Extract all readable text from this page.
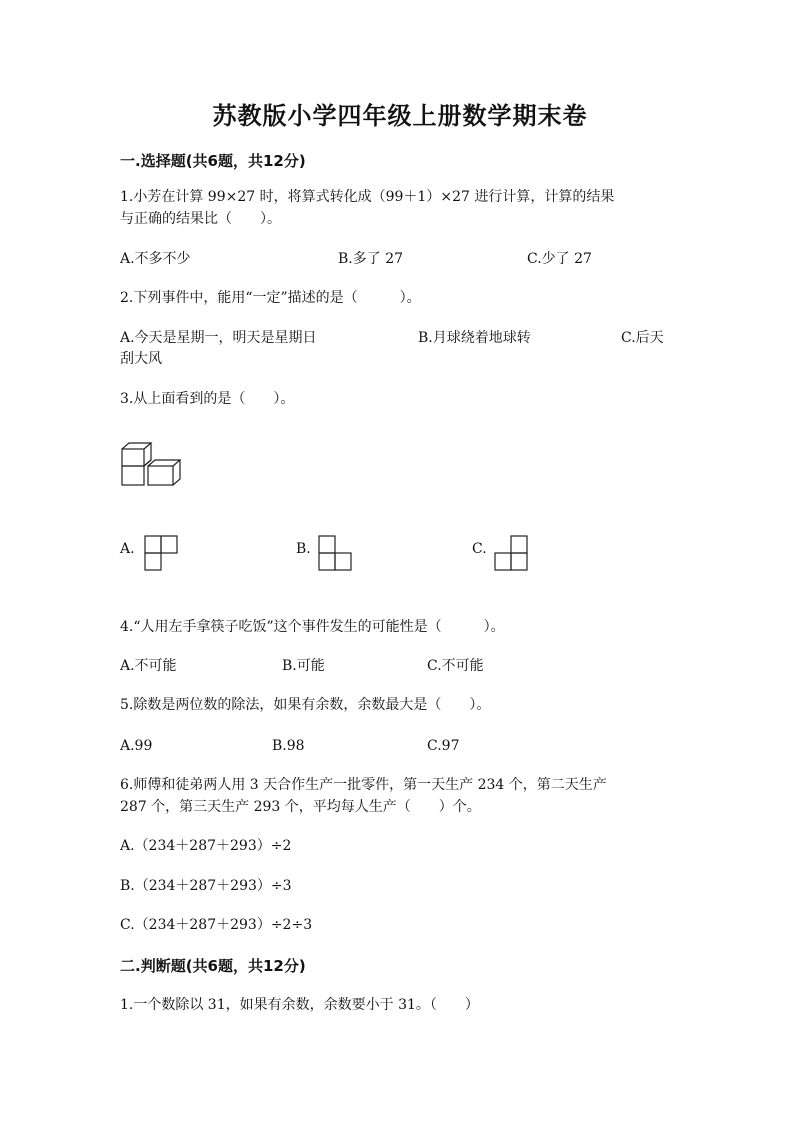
苏教版小学四年级上册数学期末卷
一.选择题(共6题，共12分)
1.小芳在计算 99×27 时，将算式转化成（99＋1）×27 进行计算，计算的结果
与正确的结果比（　　）。
A.不多不少	B.多了 27	C.少了 27
2.下列事件中，能用“一定”描述的是（　　　）。
A.今天是星期一，明天是星期日	B.月球绕着地球转	C.后天
刮大风
3.从上面看到的是（　　）。
A.	B.	C.
4.“人用左手拿筷子吃饭”这个事件发生的可能性是（　　　）。
A.不可能	B.可能	C.不可能
5.除数是两位数的除法，如果有余数，余数最大是（　　）。
A.99	B.98	C.97
6.师傅和徒弟两人用 3 天合作生产一批零件，第一天生产 234 个，第二天生产
287 个，第三天生产 293 个，平均每人生产（　　）个。
A.（234＋287＋293）÷2
B.（234＋287＋293）÷3
C.（234＋287＋293）÷2÷3
二.判断题(共6题，共12分)
1.一个数除以 31，如果有余数，余数要小于 31。（　　）
